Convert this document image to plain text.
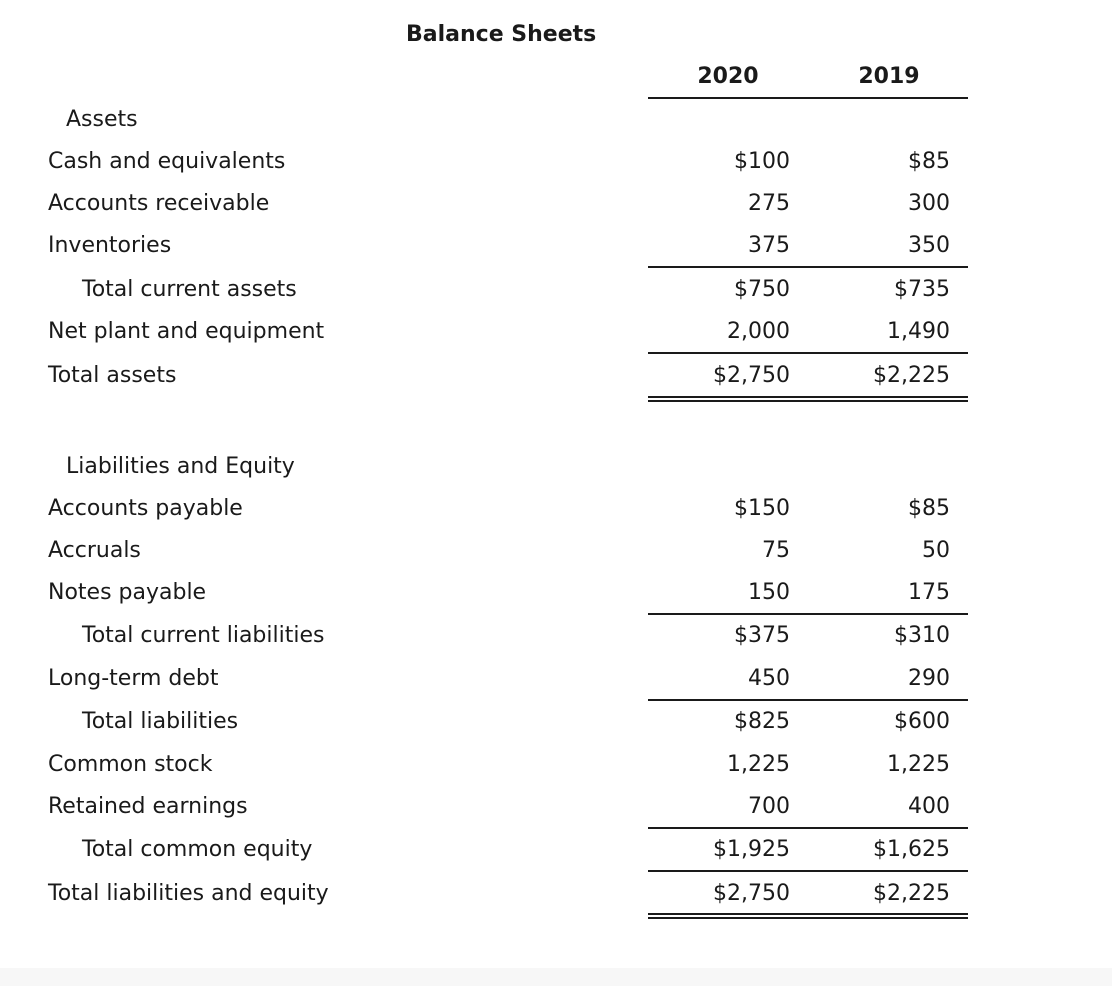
Balance Sheets
2020	2019
Assets
Cash and equivalents	$100	$85
Accounts receivable	275	300
Inventories	375	350
Total current assets	$750	$735
Net plant and equipment	2,000	1,490
Total assets	$2,750	$2,225
Liabilities and Equity
Accounts payable	$150	$85
Accruals	75	50
Notes payable	150	175
Total current liabilities	$375	$310
Long-term debt	450	290
Total liabilities	$825	$600
Common stock	1,225	1,225
Retained earnings	700	400
Total common equity	$1,925	$1,625
Total liabilities and equity	$2,750	$2,225
